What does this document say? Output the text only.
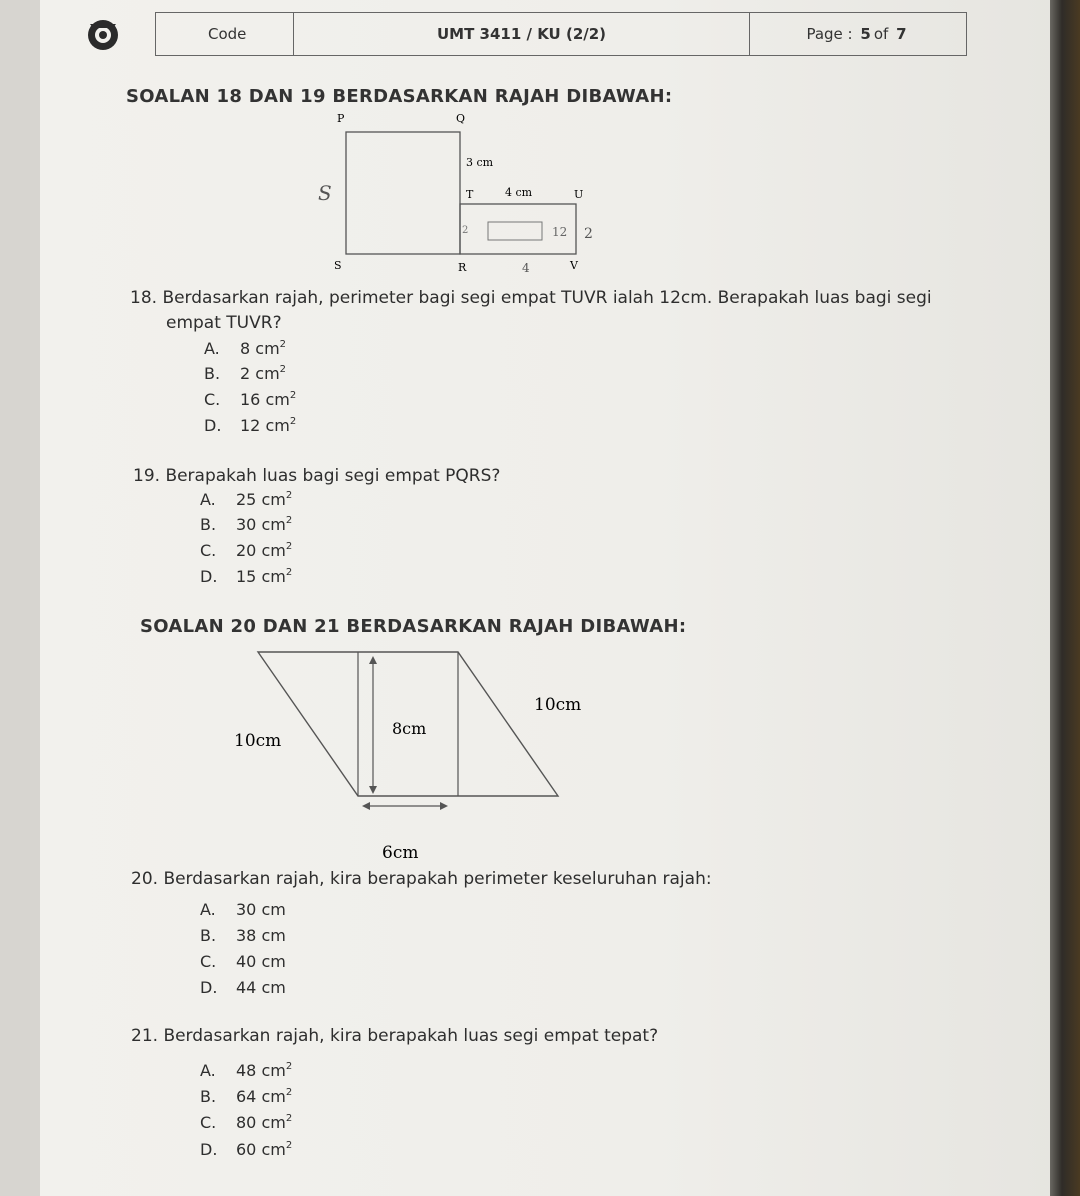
Code	UMT 3411 / KU (2/2)	Page :
5 of
7
SOALAN 18 DAN 19 BERDASARKAN RAJAH DIBAWAH:
P	Q
S	R
T	U
V
3 cm
4 cm
S
2	12 2
4
18. Berdasarkan rajah, perimeter bagi segi empat TUVR ialah 12cm. Berapakah luas bagi segi
empat TUVR?
A.	8 cm 2
B.	2 cm 2
C.	16 cm 2
D.	12 cm 2
19. Berapakah luas bagi segi empat PQRS?
A.	25 cm 2
B.	30 cm 2
C.	20 cm 2
D.	15 cm 2
SOALAN 20 DAN 21 BERDASARKAN RAJAH DIBAWAH:
10cm
10cm
8cm
6cm
20. Berdasarkan rajah, kira berapakah perimeter keseluruhan rajah:
A.	30 cm
B.	38 cm
C.	40 cm
D.	44 cm
21. Berdasarkan rajah, kira berapakah luas segi empat tepat?
A.	48 cm 2
B.	64 cm 2
C.	80 cm 2
D.	60 cm 2
